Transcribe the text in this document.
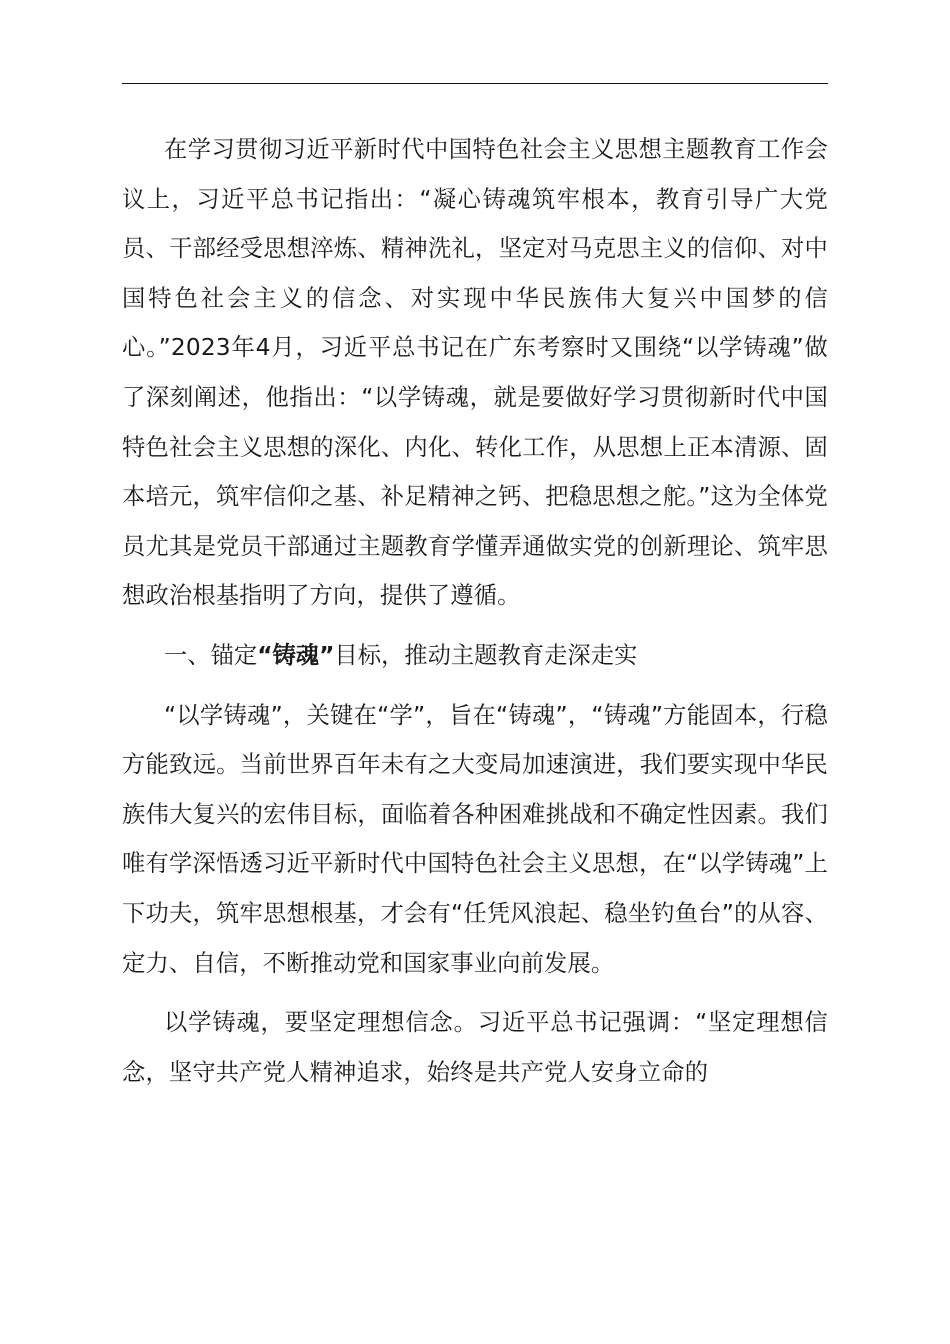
在学习贯彻习近平新时代中国特色社会主义思想主题教育工作会议上，习近平总书记指出：“凝心铸魂筑牢根本，教育引导广大党员、干部经受思想淬炼、精神洗礼，坚定对马克思主义的信仰、对中国特色社会主义的信念、对实现中华民族伟大复兴中国梦的信心。”2023年4月，习近平总书记在广东考察时又围绕“以学铸魂”做了深刻阐述，他指出：“以学铸魂，就是要做好学习贯彻新时代中国特色社会主义思想的深化、内化、转化工作，从思想上正本清源、固本培元，筑牢信仰之基、补足精神之钙、把稳思想之舵。”这为全体党员尤其是党员干部通过主题教育学懂弄通做实党的创新理论、筑牢思想政治根基指明了方向，提供了遵循。

一、锚定“铸魂”目标，推动主题教育走深走实

“以学铸魂”，关键在“学”，旨在“铸魂”，“铸魂”方能固本，行稳方能致远。当前世界百年未有之大变局加速演进，我们要实现中华民族伟大复兴的宏伟目标，面临着各种困难挑战和不确定性因素。我们唯有学深悟透习近平新时代中国特色社会主义思想，在“以学铸魂”上下功夫，筑牢思想根基，才会有“任凭风浪起、稳坐钓鱼台”的从容、定力、自信，不断推动党和国家事业向前发展。

以学铸魂，要坚定理想信念。习近平总书记强调：“坚定理想信念，坚守共产党人精神追求，始终是共产党人安身立命的
